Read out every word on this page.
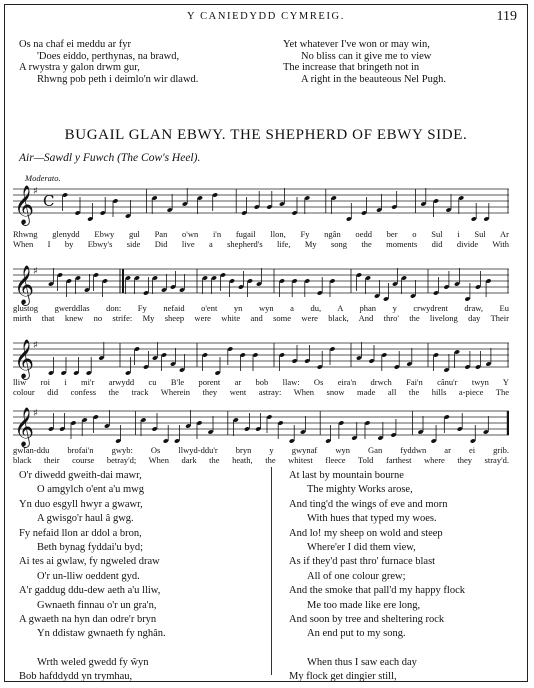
Y CANIEDYDD CYMREIG.	119
Os na chaf ei meddu ar fyr
'Does eiddo, perthynas, na brawd,
A rwystra y galon drwm gur,
Rhwng pob peth i deimlo'n wir dlawd.
Yet whatever I've won or may win,
No bliss can it give me to view
The increase that bringeth not in
A right in the beauteous Nel Pugh.
BUGAIL GLAN EBWY. THE SHEPHERD OF EBWY SIDE.
Air—Sawdl y Fuwch (The Cow's Heel).
Moderato.
𝄞
♯
C
Rhwng glenydd Ebwy gul Pan o'wn i'n fugail llon, Fy ngân oedd ber o Sul i Sul Ar
When I by Ebwy's side Did live a shepherd's life, My song the moments did divide With
𝄞
♯
glustog gwerddlas don: Fy nefaid o'ent yn wyn a du, A phan y crwydrent draw, Eu
mirth that knew no strife: My sheep were white and some were black, And thro' the livelong day Their
𝄞
♯
lliw roi i mi'r arwydd cu B'le porent ar bob llaw: Os eira'n drwch Fai'n cânu'r twyn Y
colour did confess the track Wherein they went astray: When snow made all the hills a-piece The
𝄞
♯
gwlan-ddu brofai'n gwyb: Os llwyd-ddu'r bryn y gwynaf wyn Gan fyddwn ar ei grib.
black their course betray'd; When dark the heath, the whitest fleece Told farthest where they stray'd.
O'r diwedd gweith-dai mawr,
O amgylch o'ent a'u mwg
Yn duo esgyll hwyr a gwawr,
A gwisgo'r haul â gwg.
Fy nefaid llon ar ddol a bron,
Beth bynag fyddai'u byd;
Ai tes ai gwlaw, fy ngweled draw
O'r un-lliw oeddent gyd.
A'r gaddug ddu-dew aeth a'u lliw,
Gwnaeth finnau o'r un gra'n,
A gwaeth na hyn dan odre'r bryn
Yn ddistaw gwnaeth fy nghân.
Wrth weled gwedd fy ŵyn
Bob hafddydd yn trymhau,
At last by mountain bourne
The mighty Works arose,
And ting'd the wings of eve and morn
With hues that typed my woes.
And lo! my sheep on wold and steep
Where'er I did them view,
As if they'd past thro' furnace blast
All of one colour grew;
And the smoke that pall'd my happy flock
Me too made like ere long,
And soon by tree and sheltering rock
An end put to my song.
When thus I saw each day
My flock get dingier still,
